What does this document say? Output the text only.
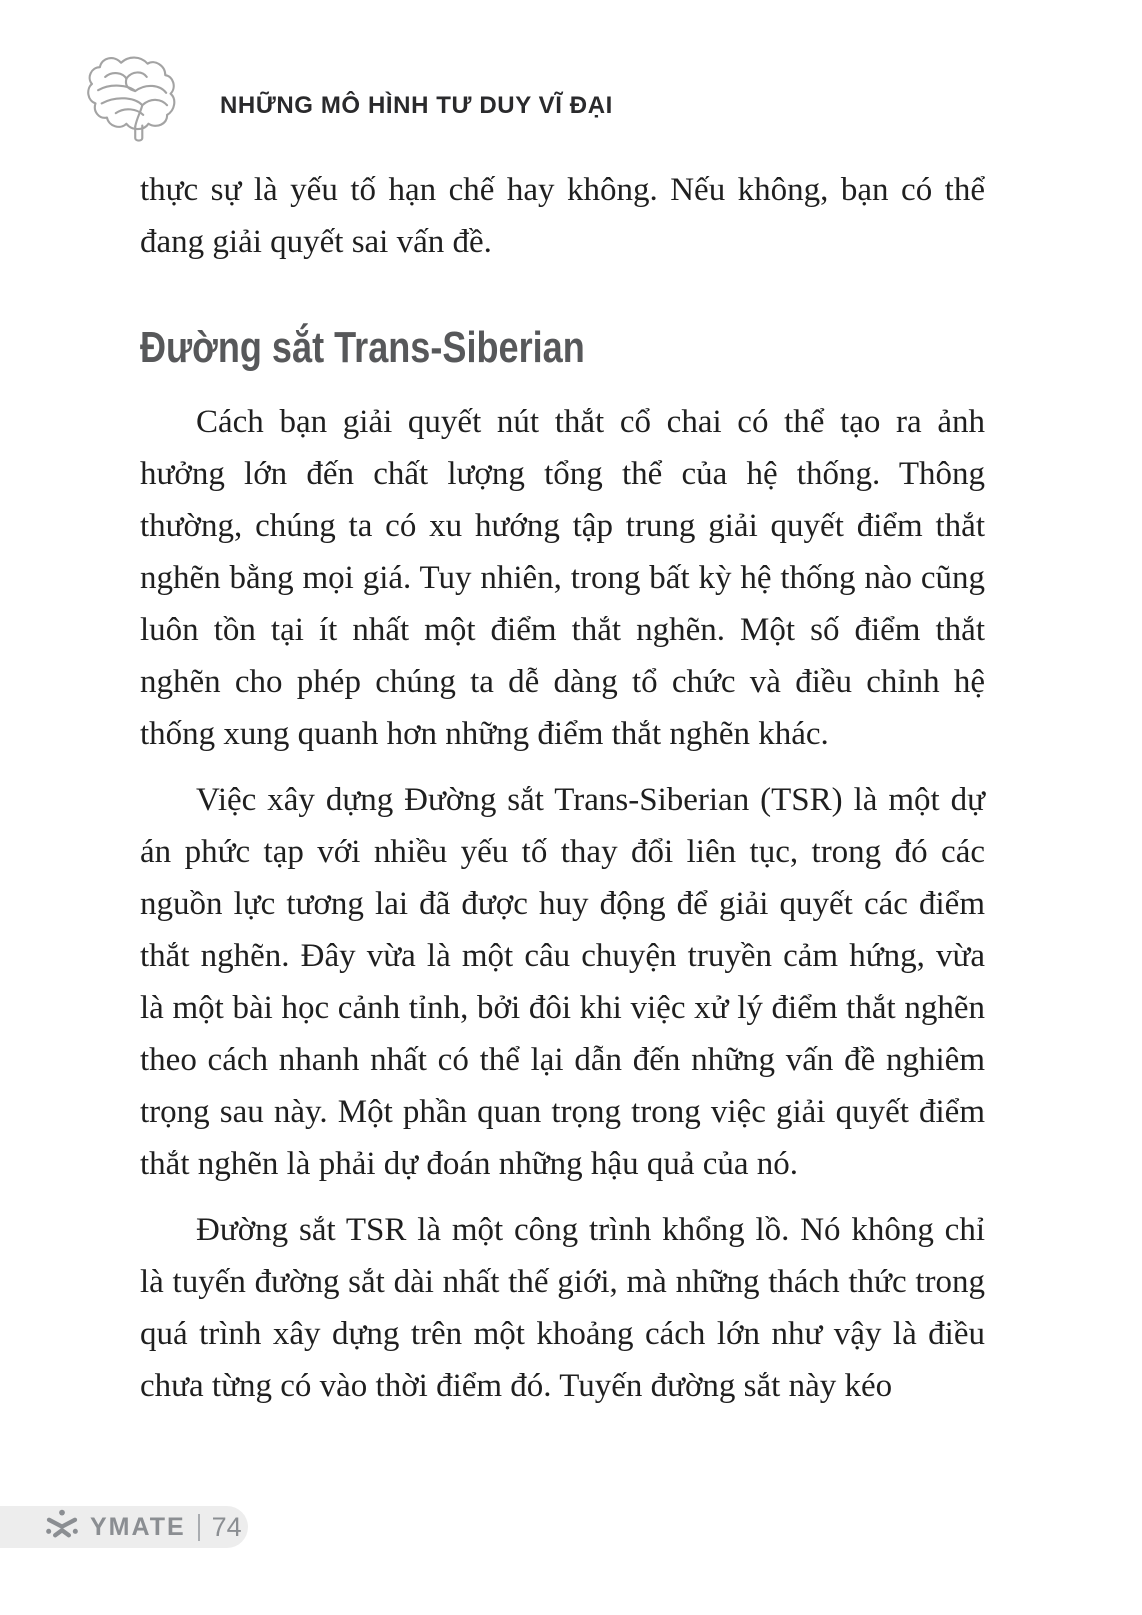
NHỮNG MÔ HÌNH TƯ DUY VĨ ĐẠI

thực sự là yếu tố hạn chế hay không. Nếu không, bạn có thể đang giải quyết sai vấn đề.

Đường sắt Trans-Siberian

Cách bạn giải quyết nút thắt cổ chai có thể tạo ra ảnh hưởng lớn đến chất lượng tổng thể của hệ thống. Thông thường, chúng ta có xu hướng tập trung giải quyết điểm thắt nghẽn bằng mọi giá. Tuy nhiên, trong bất kỳ hệ thống nào cũng luôn tồn tại ít nhất một điểm thắt nghẽn. Một số điểm thắt nghẽn cho phép chúng ta dễ dàng tổ chức và điều chỉnh hệ thống xung quanh hơn những điểm thắt nghẽn khác.

Việc xây dựng Đường sắt Trans-Siberian (TSR) là một dự án phức tạp với nhiều yếu tố thay đổi liên tục, trong đó các nguồn lực tương lai đã được huy động để giải quyết các điểm thắt nghẽn. Đây vừa là một câu chuyện truyền cảm hứng, vừa là một bài học cảnh tỉnh, bởi đôi khi việc xử lý điểm thắt nghẽn theo cách nhanh nhất có thể lại dẫn đến những vấn đề nghiêm trọng sau này. Một phần quan trọng trong việc giải quyết điểm thắt nghẽn là phải dự đoán những hậu quả của nó.

Đường sắt TSR là một công trình khổng lồ. Nó không chỉ là tuyến đường sắt dài nhất thế giới, mà những thách thức trong quá trình xây dựng trên một khoảng cách lớn như vậy là điều chưa từng có vào thời điểm đó. Tuyến đường sắt này kéo

YMATE 74
